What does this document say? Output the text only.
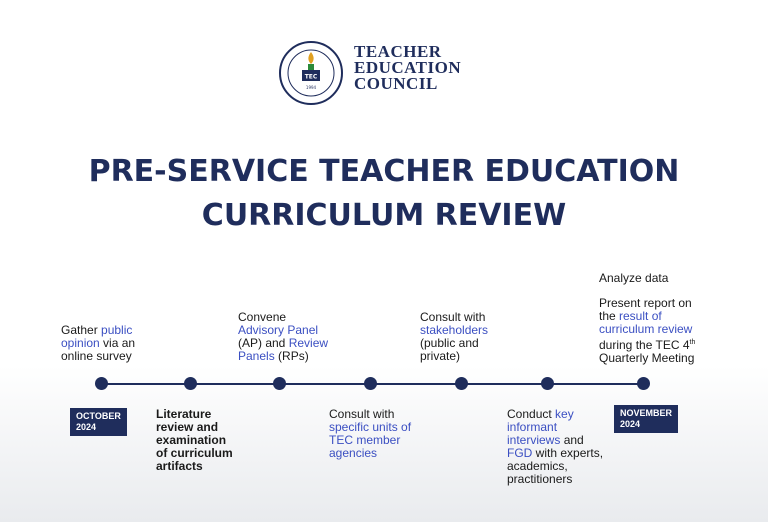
TEC
1994
TEACHER
EDUCATION
COUNCIL
PRE-SERVICE TEACHER EDUCATION
CURRICULUM REVIEW
OCTOBER
2024
NOVEMBER
2024
Gather public
opinion via an
online survey
Literature
review and
examination
of curriculum
artifacts
Convene
Advisory Panel
(AP) and Review
Panels (RPs)
Consult with
specific units of
TEC member
agencies
Consult with
stakeholders
(public and
private)
Conduct key
informant
interviews and
FGD with experts,
academics,
practitioners
Analyze data
Present report on
the result of
curriculum review
during the TEC 4th
Quarterly Meeting
